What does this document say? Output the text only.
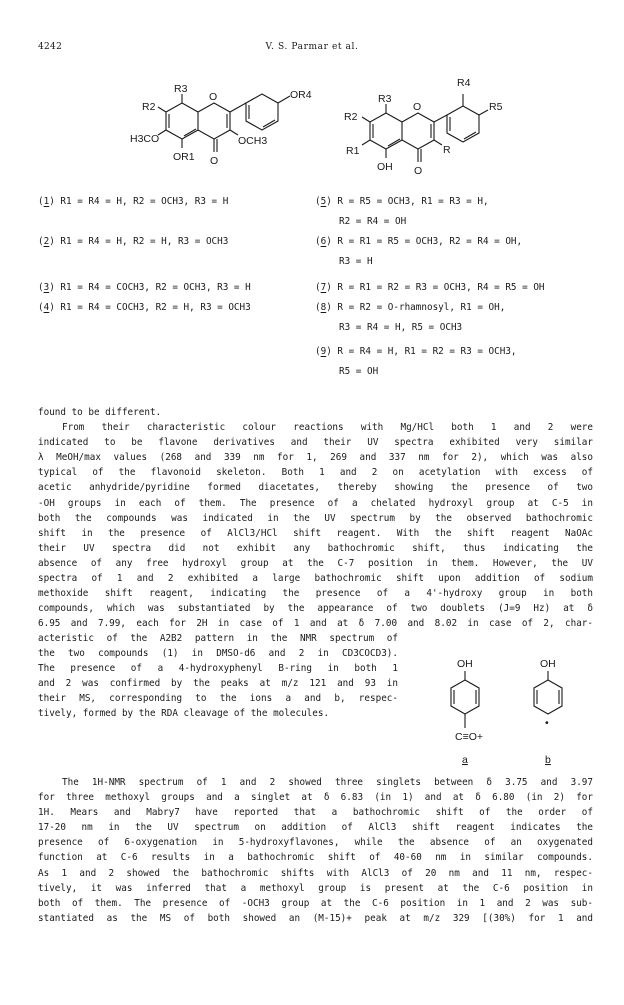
4242	V. S. Parmar et al.
R3
R2
H3CO
OR1 O
O	OR4
OCH3
R4
R5
R3
R2
R1
OH O
O
R
(1) R1 = R4 = H, R2 = OCH3, R3 = H
(2) R1 = R4 = H, R2 = H, R3 = OCH3
(3) R1 = R4 = COCH3, R2 = OCH3, R3 = H
(4) R1 = R4 = COCH3, R2 = H, R3 = OCH3
(5) R = R5 = OCH3, R1 = R3 = H,
R2 = R4 = OH
(6) R = R1 = R5 = OCH3, R2 = R4 = OH,
R3 = H
(7) R = R1 = R2 = R3 = OCH3, R4 = R5 = OH
(8) R = R2 = O-rhamnosyl, R1 = OH,
R3 = R4 = H, R5 = OCH3
(9) R = R4 = H, R1 = R2 = R3 = OCH3,
R5 = OH
found to be different.
From their characteristic colour reactions with Mg/HCl both 1 and 2 were
indicated to be flavone derivatives and their UV spectra exhibited very similar
λ MeOH/max values (268 and 339 nm for 1, 269 and 337 nm for 2), which was also
typical of the flavonoid skeleton. Both 1 and 2 on acetylation with excess of
acetic anhydride/pyridine formed diacetates, thereby showing the presence of two
-OH groups in each of them. The presence of a chelated hydroxyl group at C-5 in
both the compounds was indicated in the UV spectrum by the observed bathochromic
shift in the presence of AlCl3/HCl shift reagent. With the shift reagent NaOAc
their UV spectra did not exhibit any bathochromic shift, thus indicating the
absence of any free hydroxyl group at the C-7 position in them. However, the UV
spectra of 1 and 2 exhibited a large bathochromic shift upon addition of sodium
methoxide shift reagent, indicating the presence of a 4'-hydroxy group in both
compounds, which was substantiated by the appearance of two doublets (J=9 Hz) at δ
6.95 and 7.99, each for 2H in case of 1 and at δ 7.00 and 8.02 in case of 2, char-
acteristic of the A2B2 pattern in the NMR spectrum of
the two compounds (1) in DMSO-d6 and 2 in CD3COCD3).
The presence of a 4-hydroxyphenyl B-ring in both 1
and 2 was confirmed by the peaks at m/z 121 and 93 in
their MS, corresponding to the ions a and b, respec-
tively, formed by the RDA cleavage of the molecules.
OH	OH
C≡O+
•
a	b
The 1H-NMR spectrum of 1 and 2 showed three singlets between δ 3.75 and 3.97
for three methoxyl groups and a singlet at δ 6.83 (in 1) and at δ 6.80 (in 2) for
1H. Mears and Mabry7 have reported that a bathochromic shift of the order of
17-20 nm in the UV spectrum on addition of AlCl3 shift reagent indicates the
presence of 6-oxygenation in 5-hydroxyflavones, while the absence of an oxygenated
function at C-6 results in a bathochromic shift of 40-60 nm in similar compounds.
As 1 and 2 showed the bathochromic shifts with AlCl3 of 20 nm and 11 nm, respec-
tively, it was inferred that a methoxyl group is present at the C-6 position in
both of them. The presence of -OCH3 group at the C-6 position in 1 and 2 was sub-
stantiated as the MS of both showed an (M-15)+ peak at m/z 329 [(30%) for 1 and
